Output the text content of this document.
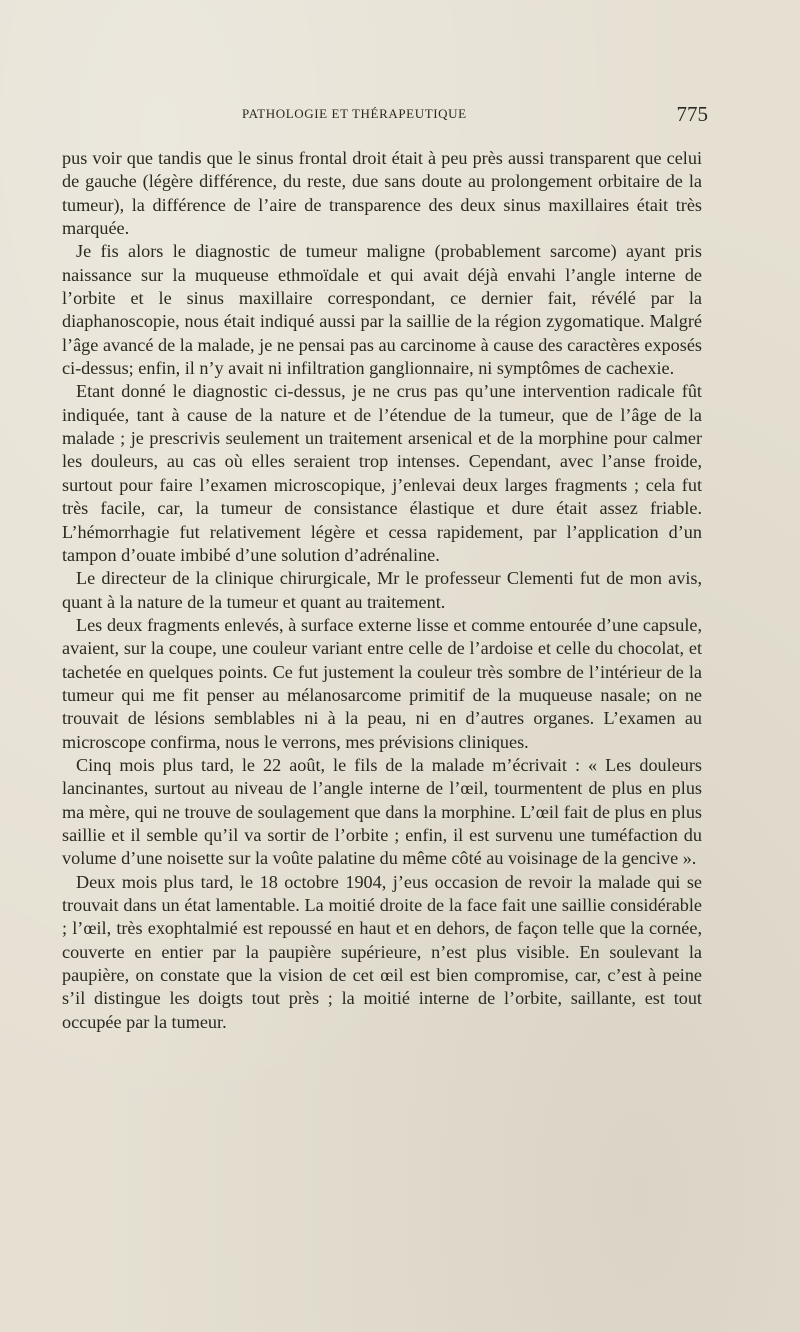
PATHOLOGIE ET THÉRAPEUTIQUE	775

pus voir que tandis que le sinus frontal droit était à peu près aussi transparent que celui de gauche (légère différence, du reste, due sans doute au prolongement orbitaire de la tumeur), la différence de l’aire de transparence des deux sinus maxillaires était très marquée.

Je fis alors le diagnostic de tumeur maligne (probablement sarcome) ayant pris naissance sur la muqueuse ethmoïdale et qui avait déjà envahi l’angle interne de l’orbite et le sinus maxillaire correspondant, ce dernier fait, révélé par la diaphanoscopie, nous était indiqué aussi par la saillie de la région zygomatique. Malgré l’âge avancé de la malade, je ne pensai pas au carcinome à cause des caractères exposés ci-dessus; enfin, il n’y avait ni infiltration ganglionnaire, ni symptômes de cachexie.

Etant donné le diagnostic ci-dessus, je ne crus pas qu’une intervention radicale fût indiquée, tant à cause de la nature et de l’étendue de la tumeur, que de l’âge de la malade ; je prescrivis seulement un traitement arsenical et de la morphine pour calmer les douleurs, au cas où elles seraient trop intenses. Cependant, avec l’anse froide, surtout pour faire l’examen microscopique, j’enlevai deux larges fragments ; cela fut très facile, car, la tumeur de consistance élastique et dure était assez friable. L’hémorrhagie fut relativement légère et cessa rapidement, par l’application d’un tampon d’ouate imbibé d’une solution d’adrénaline.

Le directeur de la clinique chirurgicale, Mr le professeur Clementi fut de mon avis, quant à la nature de la tumeur et quant au traitement.

Les deux fragments enlevés, à surface externe lisse et comme entourée d’une capsule, avaient, sur la coupe, une couleur variant entre celle de l’ardoise et celle du chocolat, et tachetée en quelques points. Ce fut justement la couleur très sombre de l’intérieur de la tumeur qui me fit penser au mélanosarcome primitif de la muqueuse nasale; on ne trouvait de lésions semblables ni à la peau, ni en d’autres organes. L’examen au microscope confirma, nous le verrons, mes prévisions cliniques.

Cinq mois plus tard, le 22 août, le fils de la malade m’écrivait : « Les douleurs lancinantes, surtout au niveau de l’angle interne de l’œil, tourmentent de plus en plus ma mère, qui ne trouve de soulagement que dans la morphine. L’œil fait de plus en plus saillie et il semble qu’il va sortir de l’orbite ; enfin, il est survenu une tuméfaction du volume d’une noisette sur la voûte palatine du même côté au voisinage de la gencive ».

Deux mois plus tard, le 18 octobre 1904, j’eus occasion de revoir la malade qui se trouvait dans un état lamentable. La moitié droite de la face fait une saillie considérable ; l’œil, très exophtalmié est repoussé en haut et en dehors, de façon telle que la cornée, couverte en entier par la paupière supérieure, n’est plus visible. En soulevant la paupière, on constate que la vision de cet œil est bien compromise, car, c’est à peine s’il distingue les doigts tout près ; la moitié interne de l’orbite, saillante, est tout occupée par la tumeur.
